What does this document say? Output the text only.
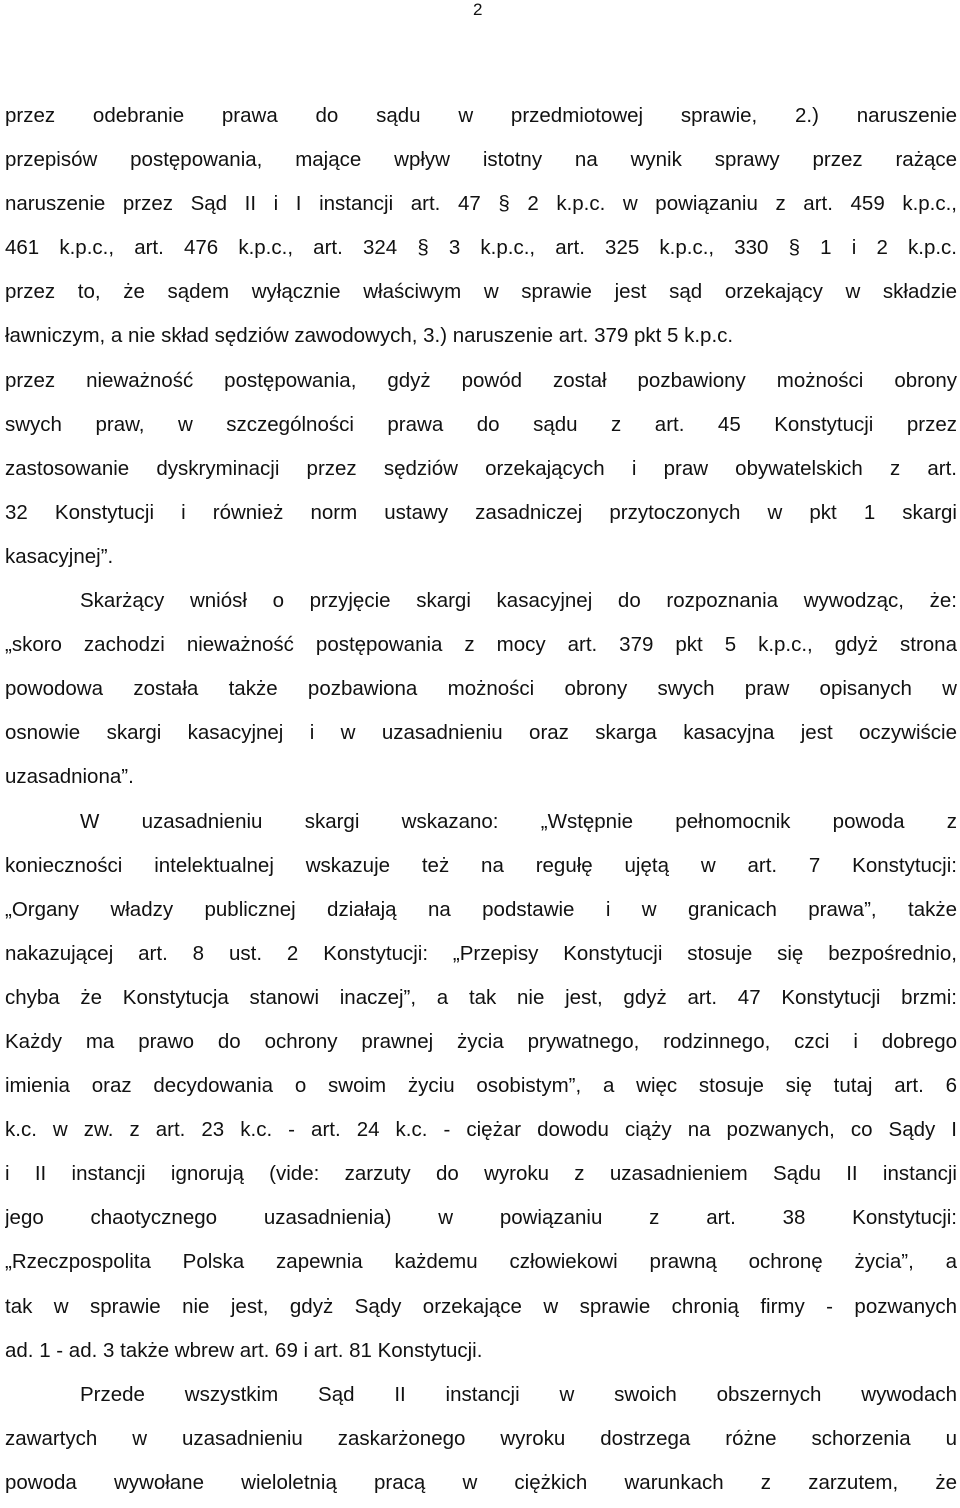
2
przez odebranie prawa do sądu w przedmiotowej sprawie, 2.) naruszenie
przepisów postępowania, mające wpływ istotny na wynik sprawy przez rażące
naruszenie przez Sąd II i I instancji art. 47 § 2 k.p.c. w powiązaniu z art. 459 k.p.c.,
461 k.p.c., art. 476 k.p.c., art. 324 § 3 k.p.c., art. 325 k.p.c., 330 § 1 i 2 k.p.c.
przez to, że sądem wyłącznie właściwym w sprawie jest sąd orzekający w składzie
ławniczym, a nie skład sędziów zawodowych, 3.) naruszenie art. 379 pkt 5 k.p.c.
przez nieważność postępowania, gdyż powód został pozbawiony możności obrony
swych praw, w szczególności prawa do sądu z art. 45 Konstytucji przez
zastosowanie dyskryminacji przez sędziów orzekających i praw obywatelskich z art.
32 Konstytucji i również norm ustawy zasadniczej przytoczonych w pkt 1 skargi
kasacyjnej”.
Skarżący wniósł o przyjęcie skargi kasacyjnej do rozpoznania wywodząc, że:
„skoro zachodzi nieważność postępowania z mocy art. 379 pkt 5 k.p.c., gdyż strona
powodowa została także pozbawiona możności obrony swych praw opisanych w
osnowie skargi kasacyjnej i w uzasadnieniu oraz skarga kasacyjna jest oczywiście
uzasadniona”.
W uzasadnieniu skargi wskazano: „Wstępnie pełnomocnik powoda z
konieczności intelektualnej wskazuje też na regułę ujętą w art. 7 Konstytucji:
„Organy władzy publicznej działają na podstawie i w granicach prawa”, także
nakazującej art. 8 ust. 2 Konstytucji: „Przepisy Konstytucji stosuje się bezpośrednio,
chyba że Konstytucja stanowi inaczej”, a tak nie jest, gdyż art. 47 Konstytucji brzmi:
Każdy ma prawo do ochrony prawnej życia prywatnego, rodzinnego, czci i dobrego
imienia oraz decydowania o swoim życiu osobistym”, a więc stosuje się tutaj art. 6
k.c. w zw. z art. 23 k.c. - art. 24 k.c. - ciężar dowodu ciąży na pozwanych, co Sądy I
i II instancji ignorują (vide: zarzuty do wyroku z uzasadnieniem Sądu II instancji
jego chaotycznego uzasadnienia) w powiązaniu z art. 38 Konstytucji:
„Rzeczpospolita Polska zapewnia każdemu człowiekowi prawną ochronę życia”, a
tak w sprawie nie jest, gdyż Sądy orzekające w sprawie chronią firmy - pozwanych
ad. 1 - ad. 3 także wbrew art. 69 i art. 81 Konstytucji.
Przede wszystkim Sąd II instancji w swoich obszernych wywodach
zawartych w uzasadnieniu zaskarżonego wyroku dostrzega różne schorzenia u
powoda wywołane wieloletnią pracą w ciężkich warunkach z zarzutem, że
